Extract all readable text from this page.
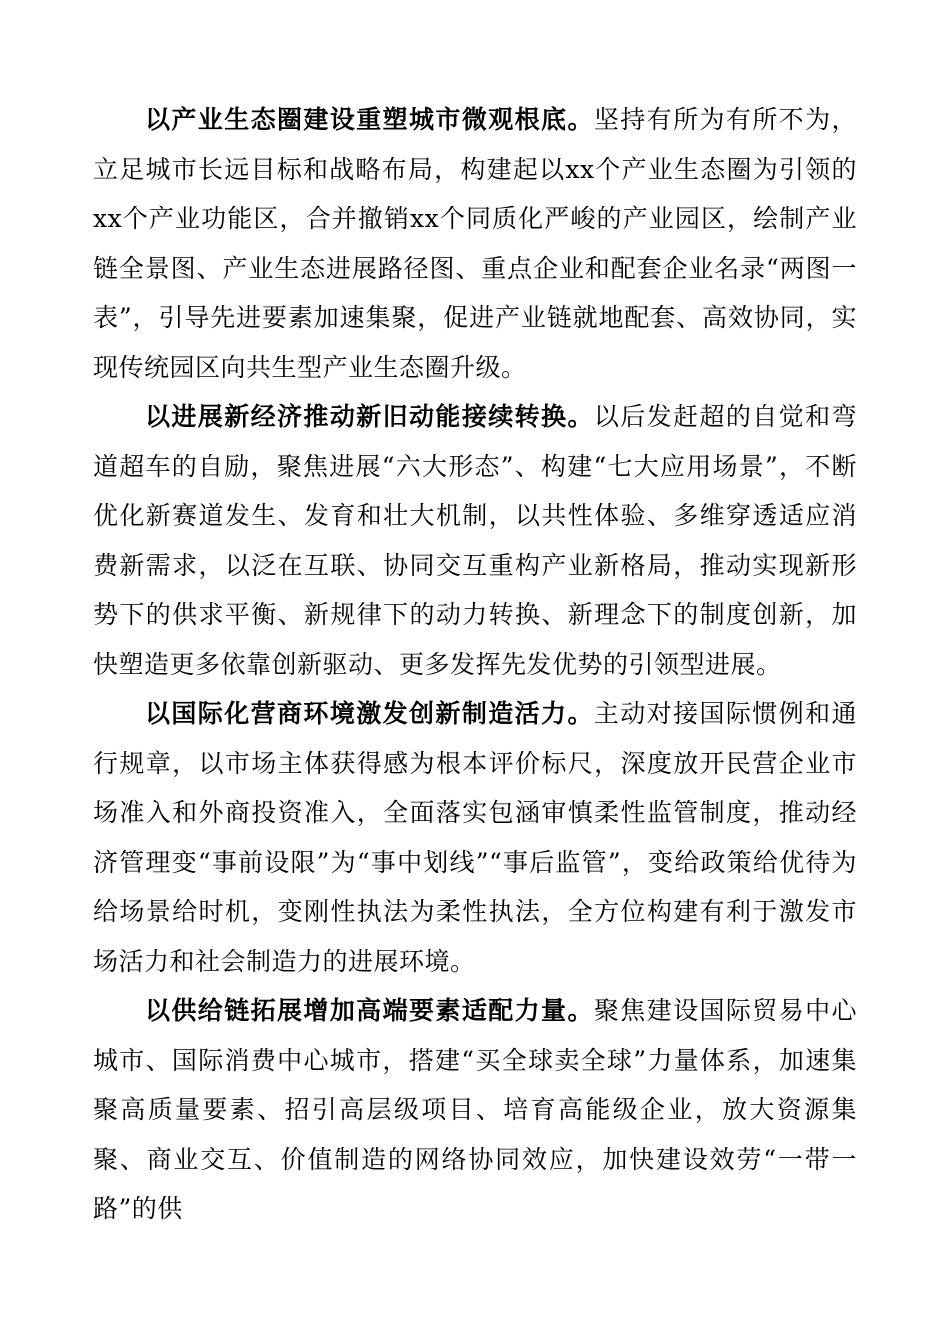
以产业生态圈建设重塑城市微观根底。坚持有所为有所不为，立足城市长远目标和战略布局，构建起以xx个产业生态圈为引领的xx个产业功能区，合并撤销xx个同质化严峻的产业园区，绘制产业链全景图、产业生态进展路径图、重点企业和配套企业名录“两图一表”，引导先进要素加速集聚，促进产业链就地配套、高效协同，实现传统园区向共生型产业生态圈升级。

以进展新经济推动新旧动能接续转换。以后发赶超的自觉和弯道超车的自励，聚焦进展“六大形态”、构建“七大应用场景”，不断优化新赛道发生、发育和壮大机制，以共性体验、多维穿透适应消费新需求，以泛在互联、协同交互重构产业新格局，推动实现新形势下的供求平衡、新规律下的动力转换、新理念下的制度创新，加快塑造更多依靠创新驱动、更多发挥先发优势的引领型进展。

以国际化营商环境激发创新制造活力。主动对接国际惯例和通行规章，以市场主体获得感为根本评价标尺，深度放开民营企业市场准入和外商投资准入，全面落实包涵审慎柔性监管制度，推动经济管理变“事前设限”为“事中划线”“事后监管”，变给政策给优待为给场景给时机，变刚性执法为柔性执法，全方位构建有利于激发市场活力和社会制造力的进展环境。

以供给链拓展增加高端要素适配力量。聚焦建设国际贸易中心城市、国际消费中心城市，搭建“买全球卖全球”力量体系，加速集聚高质量要素、招引高层级项目、培育高能级企业，放大资源集聚、商业交互、价值制造的网络协同效应，加快建设效劳“一带一路”的供
